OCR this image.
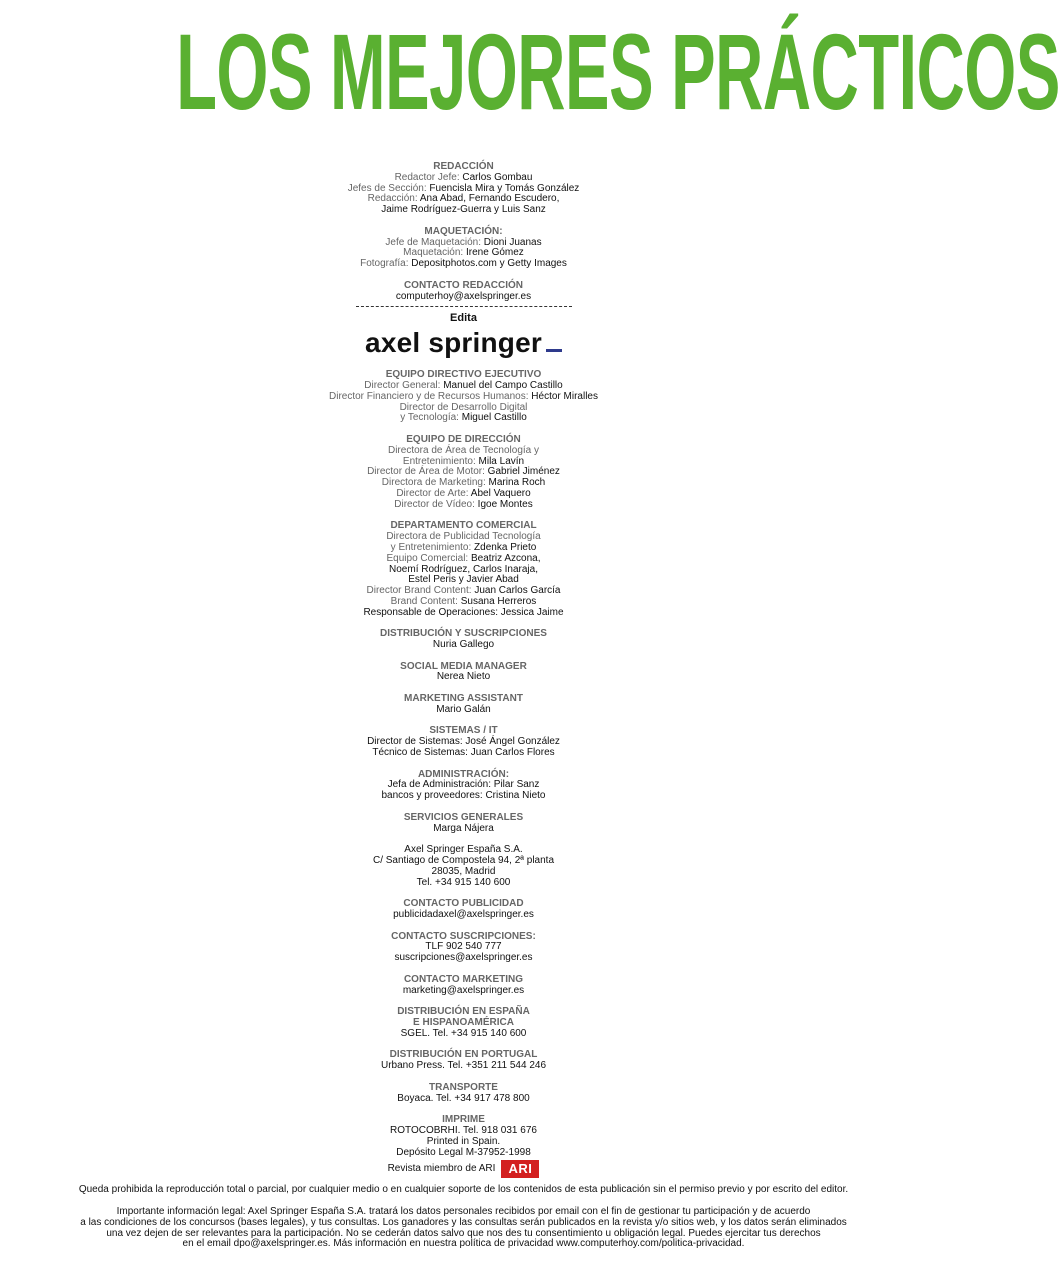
LOS MEJORES PRÁCTICOS
REDACCIÓN
Redactor Jefe: Carlos Gombau
Jefes de Sección: Fuencisla Mira y Tomás González
Redacción: Ana Abad, Fernando Escudero,
Jaime Rodríguez-Guerra y Luis Sanz
MAQUETACIÓN:
Jefe de Maquetación: Dioni Juanas
Maquetación: Irene Gómez
Fotografía: Depositphotos.com y Getty Images
CONTACTO REDACCIÓN
computerhoy@axelspringer.es
Edita
axel springer
EQUIPO DIRECTIVO EJECUTIVO
Director General: Manuel del Campo Castillo
Director Financiero y de Recursos Humanos: Héctor Miralles
Director de Desarrollo Digital
y Tecnología: Miguel Castillo
EQUIPO DE DIRECCIÓN
Directora de Área de Tecnología y
Entretenimiento: Mila Lavín
Director de Área de Motor: Gabriel Jiménez
Directora de Marketing: Marina Roch
Director de Arte: Abel Vaquero
Director de Vídeo: Igoe Montes
DEPARTAMENTO COMERCIAL
Directora de Publicidad Tecnología
y Entretenimiento: Zdenka Prieto
Equipo Comercial: Beatriz Azcona,
Noemí Rodríguez, Carlos Inaraja,
Estel Peris y Javier Abad
Director Brand Content: Juan Carlos García
Brand Content: Susana Herreros
Responsable de Operaciones: Jessica Jaime
DISTRIBUCIÓN Y SUSCRIPCIONES
Nuria Gallego
SOCIAL MEDIA MANAGER
Nerea Nieto
MARKETING ASSISTANT
Mario Galán
SISTEMAS / IT
Director de Sistemas: José Ángel González
Técnico de Sistemas: Juan Carlos Flores
ADMINISTRACIÓN:
Jefa de Administración: Pilar Sanz
bancos y proveedores: Cristina Nieto
SERVICIOS GENERALES
Marga Nájera
Axel Springer España S.A.
C/ Santiago de Compostela 94, 2ª planta
28035, Madrid
Tel. +34 915 140 600
CONTACTO PUBLICIDAD
publicidadaxel@axelspringer.es
CONTACTO SUSCRIPCIONES:
TLF 902 540 777
suscripciones@axelspringer.es
CONTACTO MARKETING
marketing@axelspringer.es
DISTRIBUCIÓN EN ESPAÑA
E HISPANOAMÉRICA
SGEL. Tel. +34 915 140 600
DISTRIBUCIÓN EN PORTUGAL
Urbano Press. Tel. +351 211 544 246
TRANSPORTE
Boyaca. Tel. +34 917 478 800
IMPRIME
ROTOCOBRHI. Tel. 918 031 676
Printed in Spain.
Depósito Legal M-37952-1998
Revista miembro de ARI	ARI
Queda prohibida la reproducción total o parcial, por cualquier medio o en cualquier soporte de los contenidos de esta publicación sin el permiso previo y por escrito del editor.
Importante información legal: Axel Springer España S.A. tratará los datos personales recibidos por email con el fin de gestionar tu participación y de acuerdo
a las condiciones de los concursos (bases legales), y tus consultas. Los ganadores y las consultas serán publicados en la revista y/o sitios web, y los datos serán eliminados
una vez dejen de ser relevantes para la participación. No se cederán datos salvo que nos des tu consentimiento u obligación legal. Puedes ejercitar tus derechos
en el email dpo@axelspringer.es. Más información en nuestra política de privacidad www.computerhoy.com/politica-privacidad.
